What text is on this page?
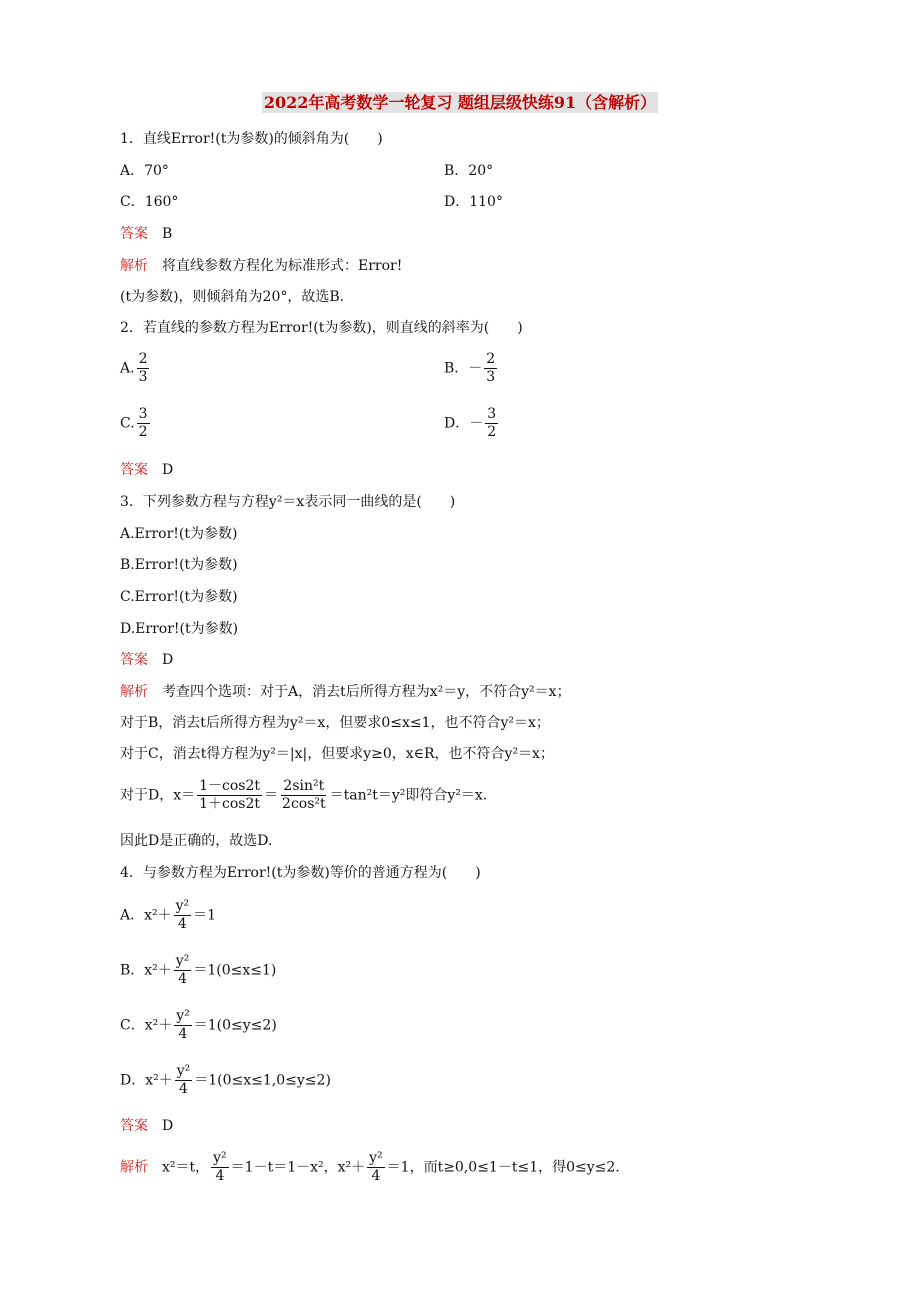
2022年高考数学一轮复习 题组层级快练91（含解析）
1．直线Error!(t为参数)的倾斜角为(　　)
A．70°	B．20°
C．160°	D．110°
答案　 B
解析　 将直线参数方程化为标准形式：Error!
(t为参数)，则倾斜角为20°，故选B.
2．若直线的参数方程为Error!(t为参数)，则直线的斜率为(　　)
A. $\frac{2}{3}$	B．－ $\frac{2}{3}$
C. $\frac{3}{2}$	D．－ $\frac{3}{2}$
答案　 D
3．下列参数方程与方程y²＝x表示同一曲线的是(　　)
A.Error!(t为参数)
B.Error!(t为参数)
C.Error!(t为参数)
D.Error!(t为参数)
答案　 D
解析　 考查四个选项：对于A，消去t后所得方程为x²＝y，不符合y²＝x；
对于B，消去t后所得方程为y²＝x，但要求0≤x≤1，也不符合y²＝x；
对于C，消去t得方程为y²＝|x|，但要求y≥0，x∈R，也不符合y²＝x；
对于D，$x= \frac{1-\cos 2t}{1+\cos 2t} = \frac{\text{2sin²t}}{\text{2cos²t}} =\tan^2t=y^2$即符合y²＝x.
因此D是正确的，故选D.
4．与参数方程为Error!(t为参数)等价的普通方程为(　　)
A．$x^2+ \frac{\text{y²}}{4} =1$
B．$x^2+ \frac{\text{y²}}{4} =1(0\le x\le 1)$
C．$x^2+ \frac{\text{y²}}{4} =1(0\le y\le 2)$
D．$x^2+ \frac{\text{y²}}{4} =1(0\le x\le 1,0\le y\le 2)$
答案　 D
解析　 x²＝t， $\frac{\text{y²}}{4} =1-t=1-x^2$，$x^2+ \frac{\text{y²}}{4} =1$，而t≥0,0≤1－t≤1，得0≤y≤2.
